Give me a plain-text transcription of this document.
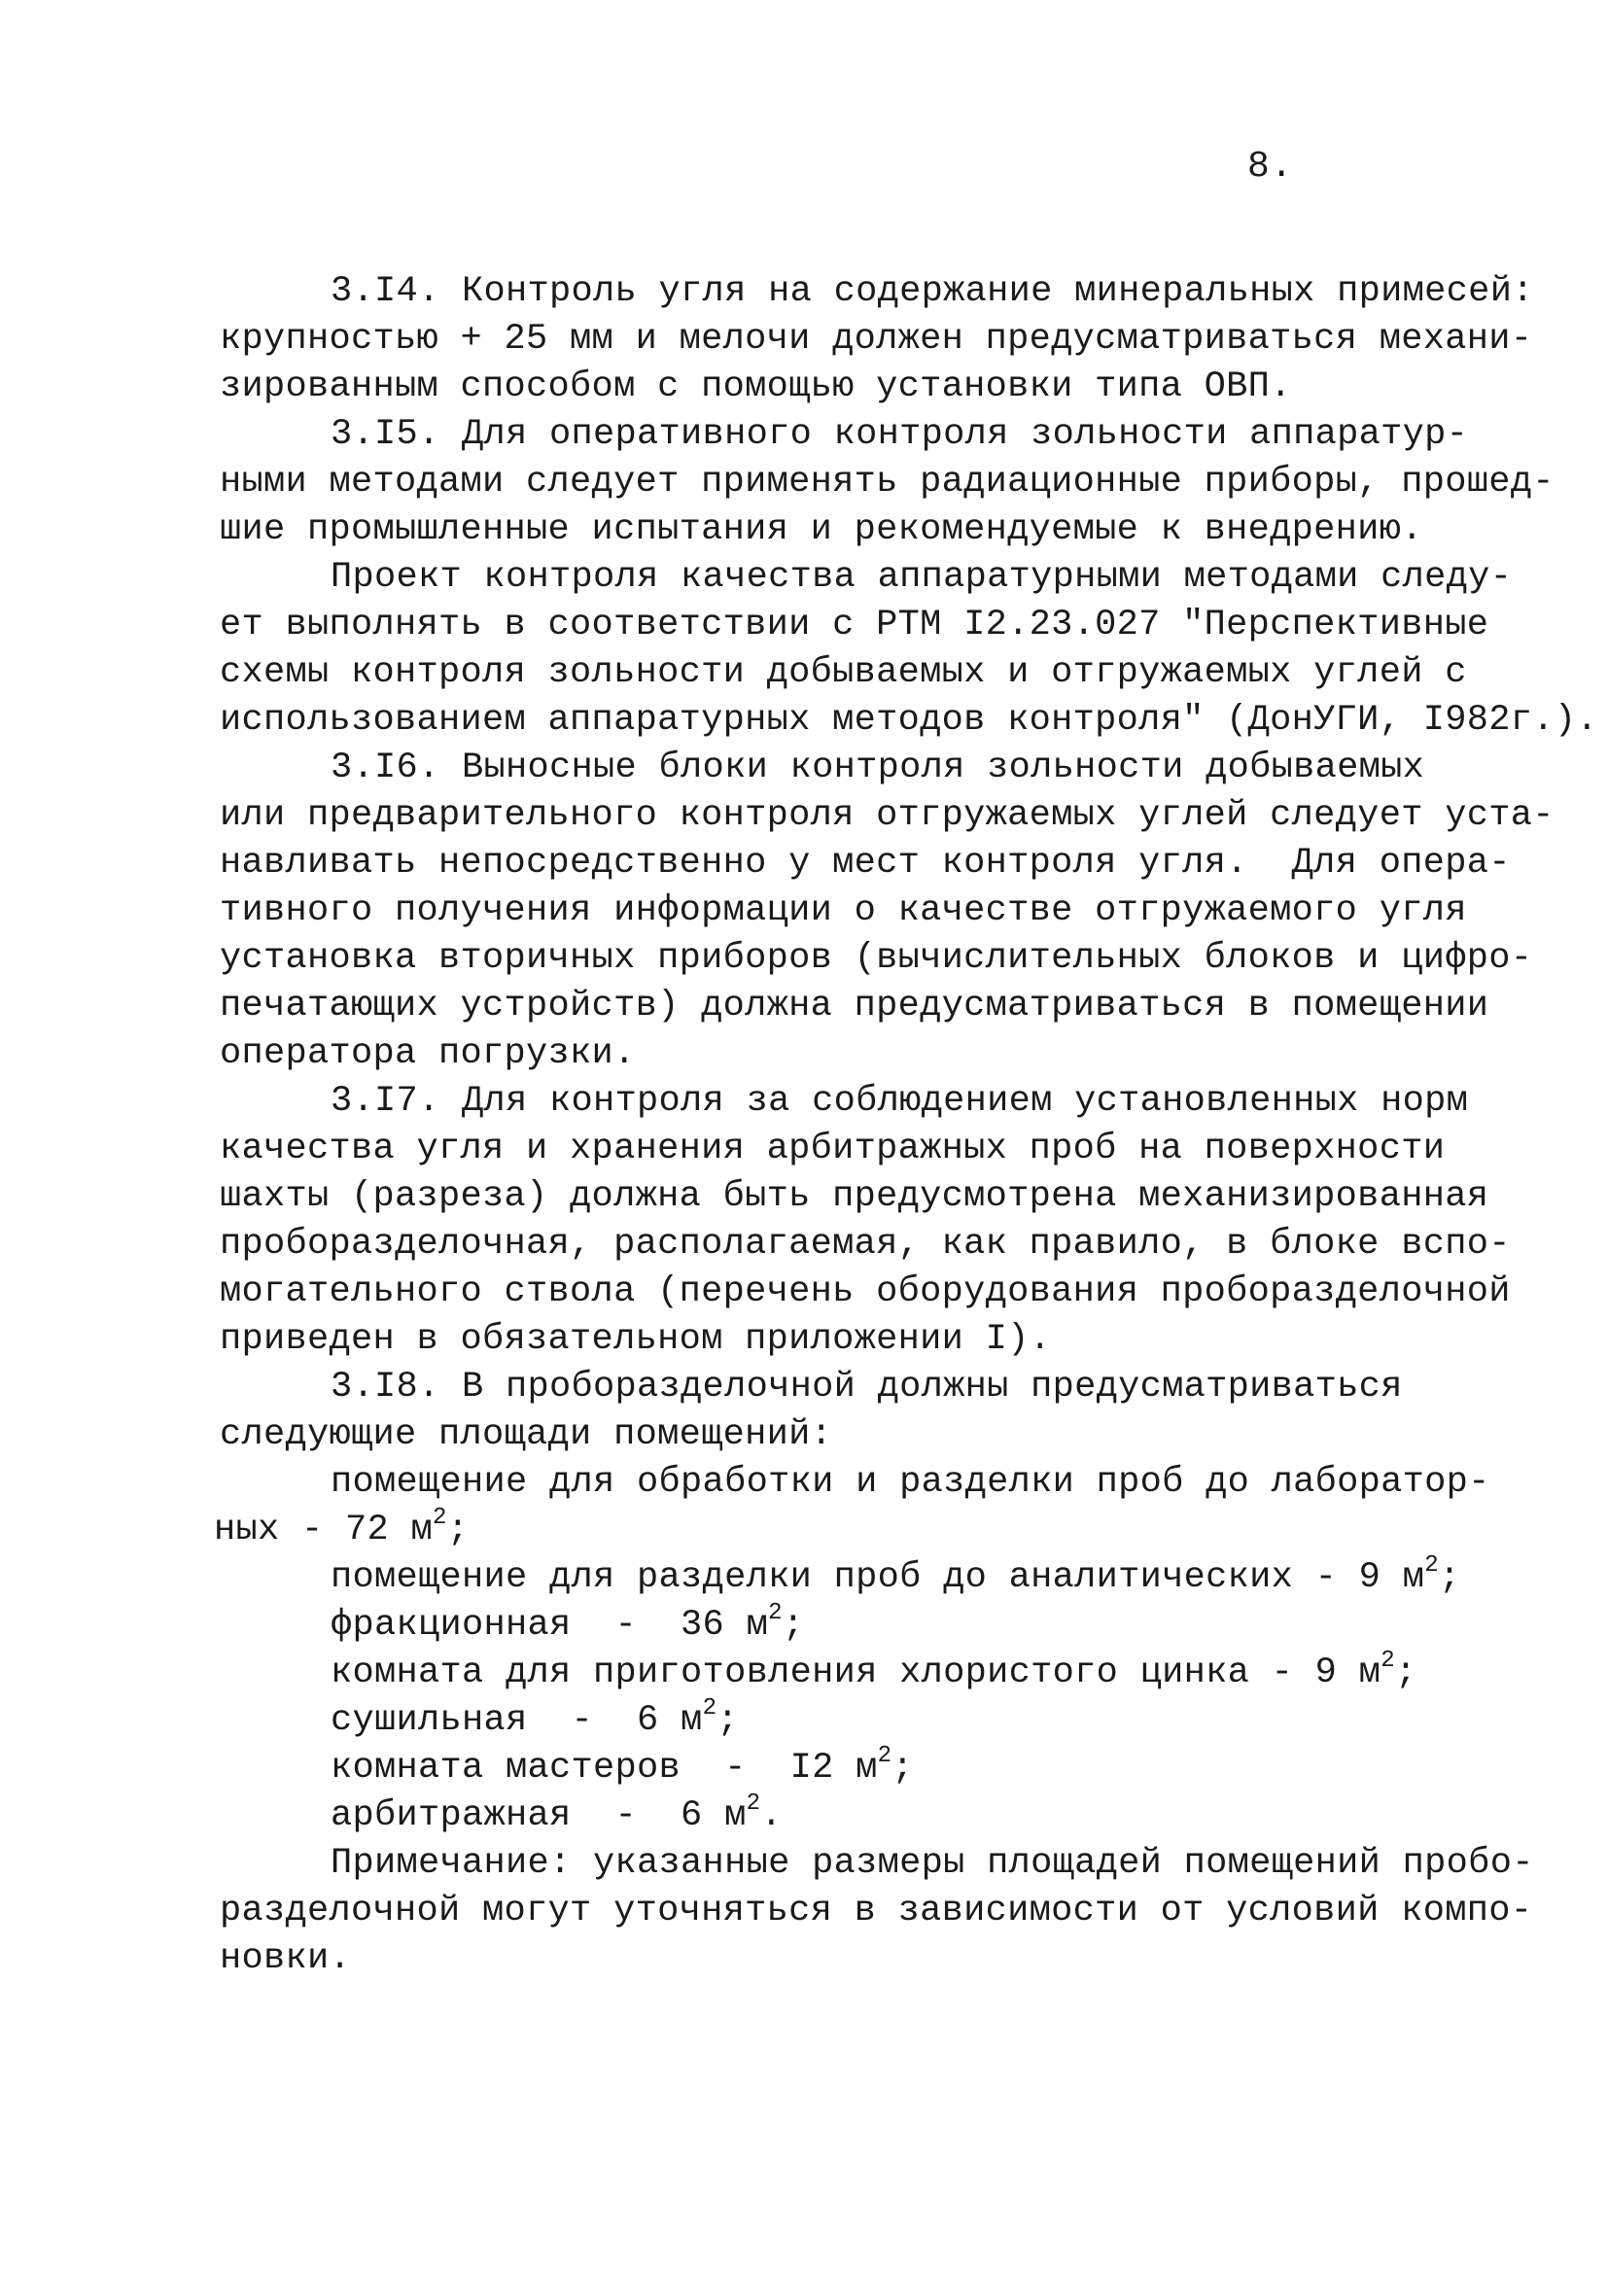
8.
3.I4. Контроль угля на содержание минеральных примесей:
крупностью + 25 мм и мелочи должен предусматриваться механи-
зированным способом с помощью установки типа ОВП.
3.I5. Для оперативного контроля зольности аппаратур-
ными методами следует применять радиационные приборы, прошед-
шие промышленные испытания и рекомендуемые к внедрению.
Проект контроля качества аппаратурными методами следу-
ет выполнять в соответствии с РТМ I2.23.027 "Перспективные
схемы контроля зольности добываемых и отгружаемых углей с
использованием аппаратурных методов контроля" (ДонУГИ, I982г.).
3.I6. Выносные блоки контроля зольности добываемых
или предварительного контроля отгружаемых углей следует уста-
навливать непосредственно у мест контроля угля.  Для опера-
тивного получения информации о качестве отгружаемого угля
установка вторичных приборов (вычислительных блоков и цифро-
печатающих устройств) должна предусматриваться в помещении
оператора погрузки.
3.I7. Для контроля за соблюдением установленных норм
качества угля и хранения арбитражных проб на поверхности
шахты (разреза) должна быть предусмотрена механизированная
проборазделочная, располагаемая, как правило, в блоке вспо-
могательного ствола (перечень оборудования проборазделочной
приведен в обязательном приложении I).
3.I8. В проборазделочной должны предусматриваться
следующие площади помещений:
помещение для обработки и разделки проб до лаборатор-
ных - 72 $м^2$;
помещение для разделки проб до аналитических - 9 $м^2$;
фракционная  -  36 $м^2$;
комната для приготовления хлористого цинка - 9 $м^2$;
сушильная  -  6 $м^2$;
комната мастеров  -  I2 $м^2$;
арбитражная  -  6 $м^2$.
Примечание: указанные размеры площадей помещений пробо-
разделочной могут уточняться в зависимости от условий компо-
новки.
